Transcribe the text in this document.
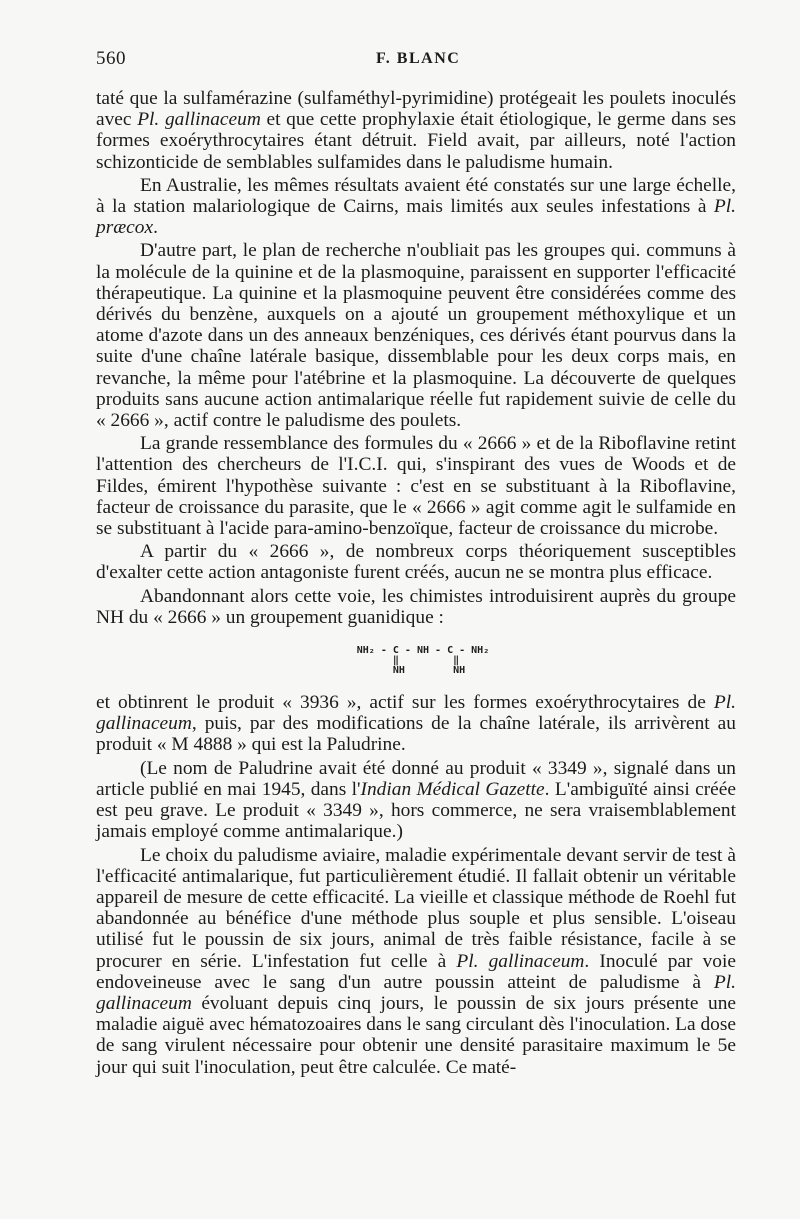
560	F. BLANC

taté que la sulfamérazine (sulfaméthyl-pyrimidine) protégeait les poulets inoculés avec Pl. gallinaceum et que cette prophylaxie était étiologique, le germe dans ses formes exoérythrocytaires étant détruit. Field avait, par ailleurs, noté l'action schizonticide de semblables sulfamides dans le paludisme humain.

En Australie, les mêmes résultats avaient été constatés sur une large échelle, à la station malariologique de Cairns, mais limités aux seules infestations à Pl. præcox.

D'autre part, le plan de recherche n'oubliait pas les groupes qui. communs à la molécule de la quinine et de la plasmoquine, paraissent en supporter l'efficacité thérapeutique. La quinine et la plasmoquine peuvent être considérées comme des dérivés du benzène, auxquels on a ajouté un groupement méthoxylique et un atome d'azote dans un des anneaux benzéniques, ces dérivés étant pourvus dans la suite d'une chaîne latérale basique, dissemblable pour les deux corps mais, en revanche, la même pour l'atébrine et la plasmoquine. La découverte de quelques produits sans aucune action antimalarique réelle fut rapidement suivie de celle du « 2666 », actif contre le paludisme des poulets.

La grande ressemblance des formules du « 2666 » et de la Riboflavine retint l'attention des chercheurs de l'I.C.I. qui, s'inspirant des vues de Woods et de Fildes, émirent l'hypothèse suivante : c'est en se substituant à la Riboflavine, facteur de croissance du parasite, que le « 2666 » agit comme agit le sulfamide en se substituant à l'acide para-amino-benzoïque, facteur de croissance du microbe.

A partir du « 2666 », de nombreux corps théoriquement susceptibles d'exalter cette action antagoniste furent créés, aucun ne se montra plus efficace.

Abandonnant alors cette voie, les chimistes introduisirent auprès du groupe NH du « 2666 » un groupement guanidique :

NH₂ - C - NH - C - NH₂
‖         ‖
NH        NH

et obtinrent le produit « 3936 », actif sur les formes exoérythrocytaires de Pl. gallinaceum, puis, par des modifications de la chaîne latérale, ils arrivèrent au produit « M 4888 » qui est la Paludrine.

(Le nom de Paludrine avait été donné au produit « 3349 », signalé dans un article publié en mai 1945, dans l'Indian Médical Gazette. L'ambiguïté ainsi créée est peu grave. Le produit « 3349 », hors commerce, ne sera vraisemblablement jamais employé comme antimalarique.)

Le choix du paludisme aviaire, maladie expérimentale devant servir de test à l'efficacité antimalarique, fut particulièrement étudié. Il fallait obtenir un véritable appareil de mesure de cette efficacité. La vieille et classique méthode de Roehl fut abandonnée au bénéfice d'une méthode plus souple et plus sensible. L'oiseau utilisé fut le poussin de six jours, animal de très faible résistance, facile à se procurer en série. L'infestation fut celle à Pl. gallinaceum. Inoculé par voie endoveineuse avec le sang d'un autre poussin atteint de paludisme à Pl. gallinaceum évoluant depuis cinq jours, le poussin de six jours présente une maladie aiguë avec hématozoaires dans le sang circulant dès l'inoculation. La dose de sang virulent nécessaire pour obtenir une densité parasitaire maximum le 5e jour qui suit l'inoculation, peut être calculée. Ce maté-
